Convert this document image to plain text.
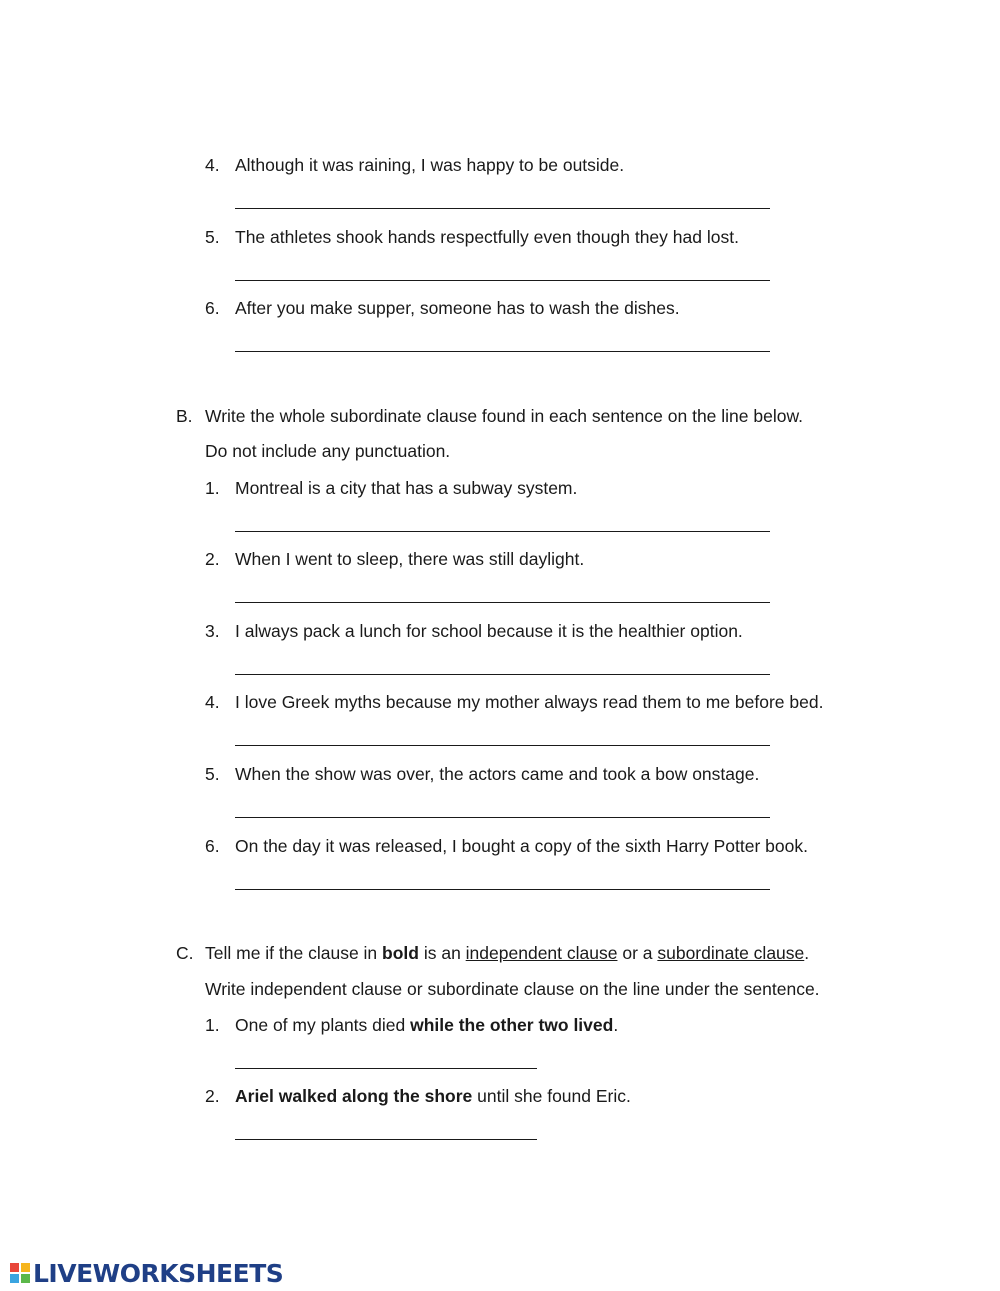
4. Although it was raining, I was happy to be outside.
5. The athletes shook hands respectfully even though they had lost.
6. After you make supper, someone has to wash the dishes.
B. Write the whole subordinate clause found in each sentence on the line below.
Do not include any punctuation.
1. Montreal is a city that has a subway system.
2. When I went to sleep, there was still daylight.
3. I always pack a lunch for school because it is the healthier option.
4. I love Greek myths because my mother always read them to me before bed.
5. When the show was over, the actors came and took a bow onstage.
6. On the day it was released, I bought a copy of the sixth Harry Potter book.
C. Tell me if the clause in bold is an independent clause or a subordinate clause.
Write independent clause or subordinate clause on the line under the sentence.
1. One of my plants died while the other two lived.
2. Ariel walked along the shore until she found Eric.
LIVEWORKSHEETS
